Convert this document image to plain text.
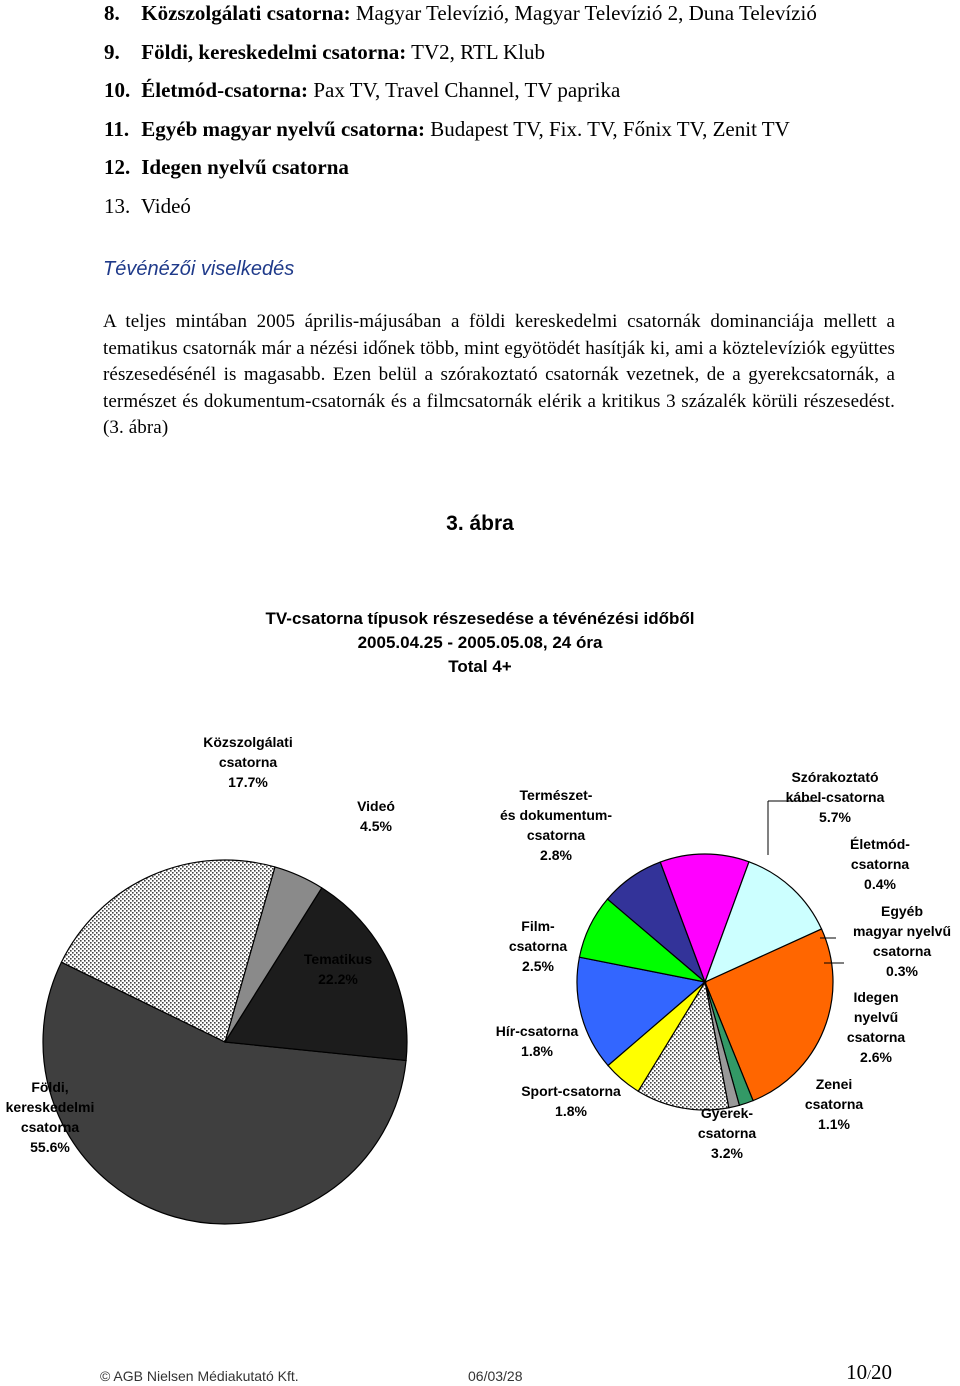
8. Közszolgálati csatorna: Magyar Televízió, Magyar Televízió 2, Duna Televízió
9. Földi, kereskedelmi csatorna: TV2, RTL Klub
10. Életmód-csatorna: Pax TV, Travel Channel, TV paprika
11. Egyéb magyar nyelvű csatorna: Budapest TV, Fix. TV, Főnix TV, Zenit TV
12. Idegen nyelvű csatorna
13. Videó
Tévénézői viselkedés

A teljes mintában 2005 április-májusában a földi kereskedelmi csatornák dominanciája mellett a tematikus csatornák már a nézési időnek több, mint egyötödét hasítják ki, ami a köztelevíziók együttes részesedésénél is magasabb. Ezen belül a szórakoztató csatornák vezetnek, de a gyerekcsatornák, a természet és dokumentum-csatornák és a filmcsatornák elérik a kritikus 3 százalék körüli részesedést. (3. ábra)

3. ábra
TV-csatorna típusok részesedése a tévénézési időből
2005.04.25 - 2005.05.08, 24 óra
Total 4+
Földi, kereskedelmi csatorna 55.6%
Közszolgálati csatorna 17.7%
Videó 4.5%
Tematikus 22.2%
Szórakoztató kábel-csatorna 5.7%
Életmód-csatorna 0.4%
Egyéb magyar nyelvű csatorna 0.3%
Idegen nyelvű csatorna 2.6%
Zenei csatorna 1.1%
Gyerek-csatorna 3.2%
Sport-csatorna 1.8%
Hír-csatorna 1.8%
Film-csatorna 2.5%
Természet-és dokumentum-csatorna 2.8%
© AGB Nielsen Médiakutató Kft.	06/03/28	10/20
